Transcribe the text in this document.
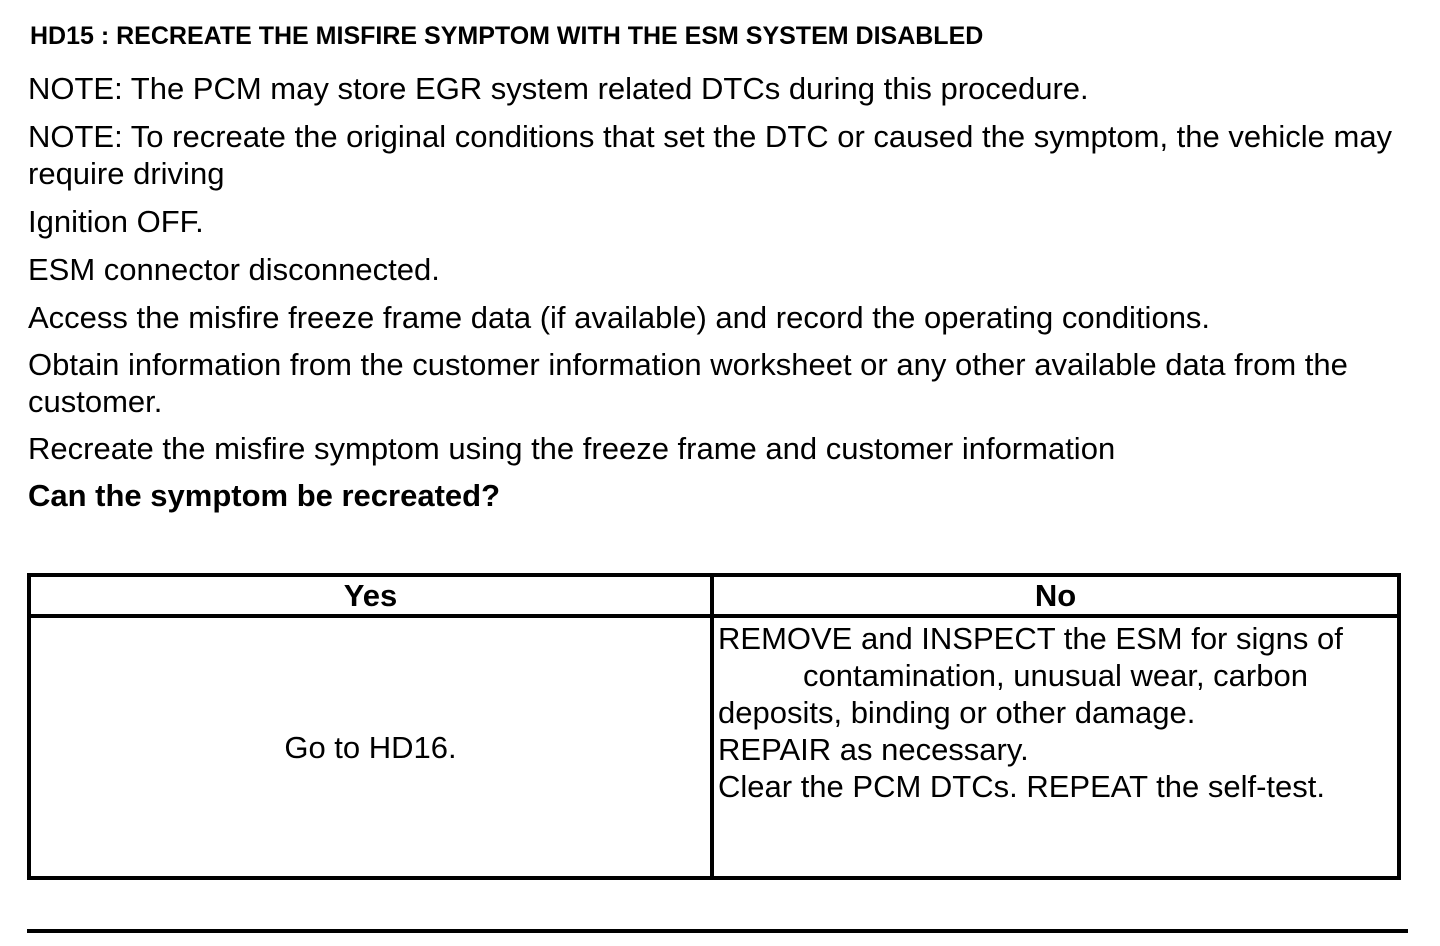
HD15 : RECREATE THE MISFIRE SYMPTOM WITH THE ESM SYSTEM DISABLED
NOTE: The PCM may store EGR system related DTCs during this procedure.
NOTE: To recreate the original conditions that set the DTC or caused the symptom, the vehicle may require driving
Ignition OFF.
ESM connector disconnected.
Access the misfire freeze frame data (if available) and record the operating conditions.
Obtain information from the customer information worksheet or any other available data from the customer.
Recreate the misfire symptom using the freeze frame and customer information
Can the symptom be recreated?
Yes	No
Go to HD16.	REMOVE and INSPECT the ESM for signs of
contamination, unusual wear, carbon
deposits, binding or other damage.
REPAIR as necessary.
Clear the PCM DTCs. REPEAT the self-test.
